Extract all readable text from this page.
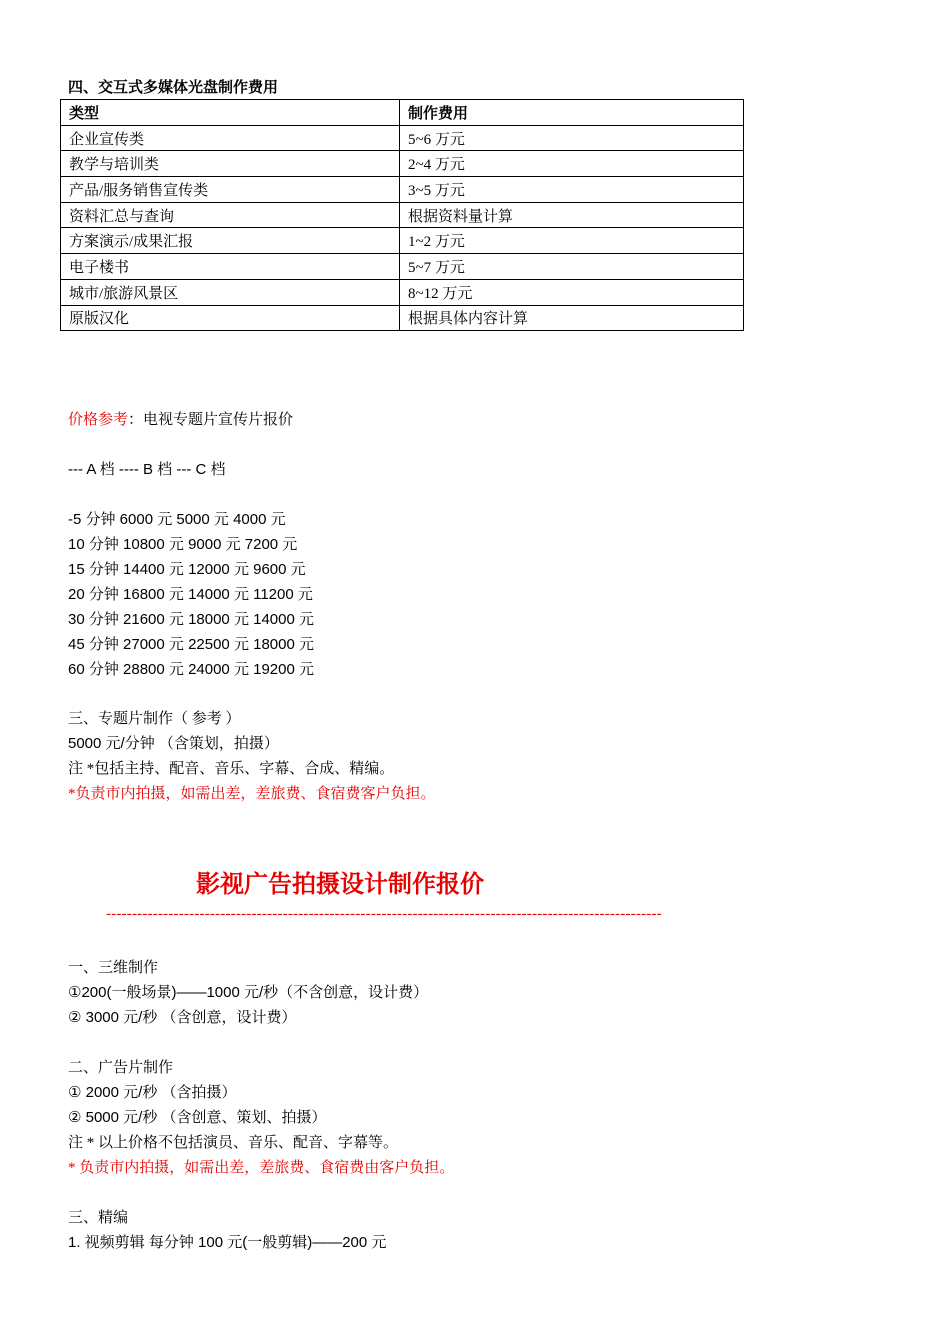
四、交互式多媒体光盘制作费用
类型	制作费用
企业宣传类	5~6 万元
教学与培训类	2~4 万元
产品/服务销售宣传类	3~5 万元
资料汇总与查询	根据资料量计算
方案演示/成果汇报	1~2 万元
电子楼书	5~7 万元
城市/旅游风景区	8~12 万元
原版汉化	根据具体内容计算
价格参考：电视专题片宣传片报价
--- A 档 ---- B 档 --- C 档
-5 分钟 6000 元 5000 元 4000 元
10 分钟 10800 元 9000 元 7200 元
15 分钟 14400 元 12000 元 9600 元
20 分钟 16800 元 14000 元 11200 元
30 分钟 21600 元 18000 元 14000 元
45 分钟 27000 元 22500 元 18000 元
60 分钟 28800 元 24000 元 19200 元
三、专题片制作（ 参考 ）
5000 元/分钟 （含策划，拍摄）
注 *包括主持、配音、音乐、字幕、合成、精编。
*负责市内拍摄，如需出差，差旅费、食宿费客户负担。
影视广告拍摄设计制作报价
-----------------------------------------------------------------------------------------------------------
一、三维制作
①200(一般场景)——1000 元/秒（不含创意，设计费）
② 3000 元/秒 （含创意，设计费）
二、广告片制作
① 2000 元/秒 （含拍摄）
② 5000 元/秒 （含创意、策划、拍摄）
注 * 以上价格不包括演员、音乐、配音、字幕等。
* 负责市内拍摄，如需出差，差旅费、食宿费由客户负担。
三、精编
1. 视频剪辑 每分钟 100 元(一般剪辑)——200 元
